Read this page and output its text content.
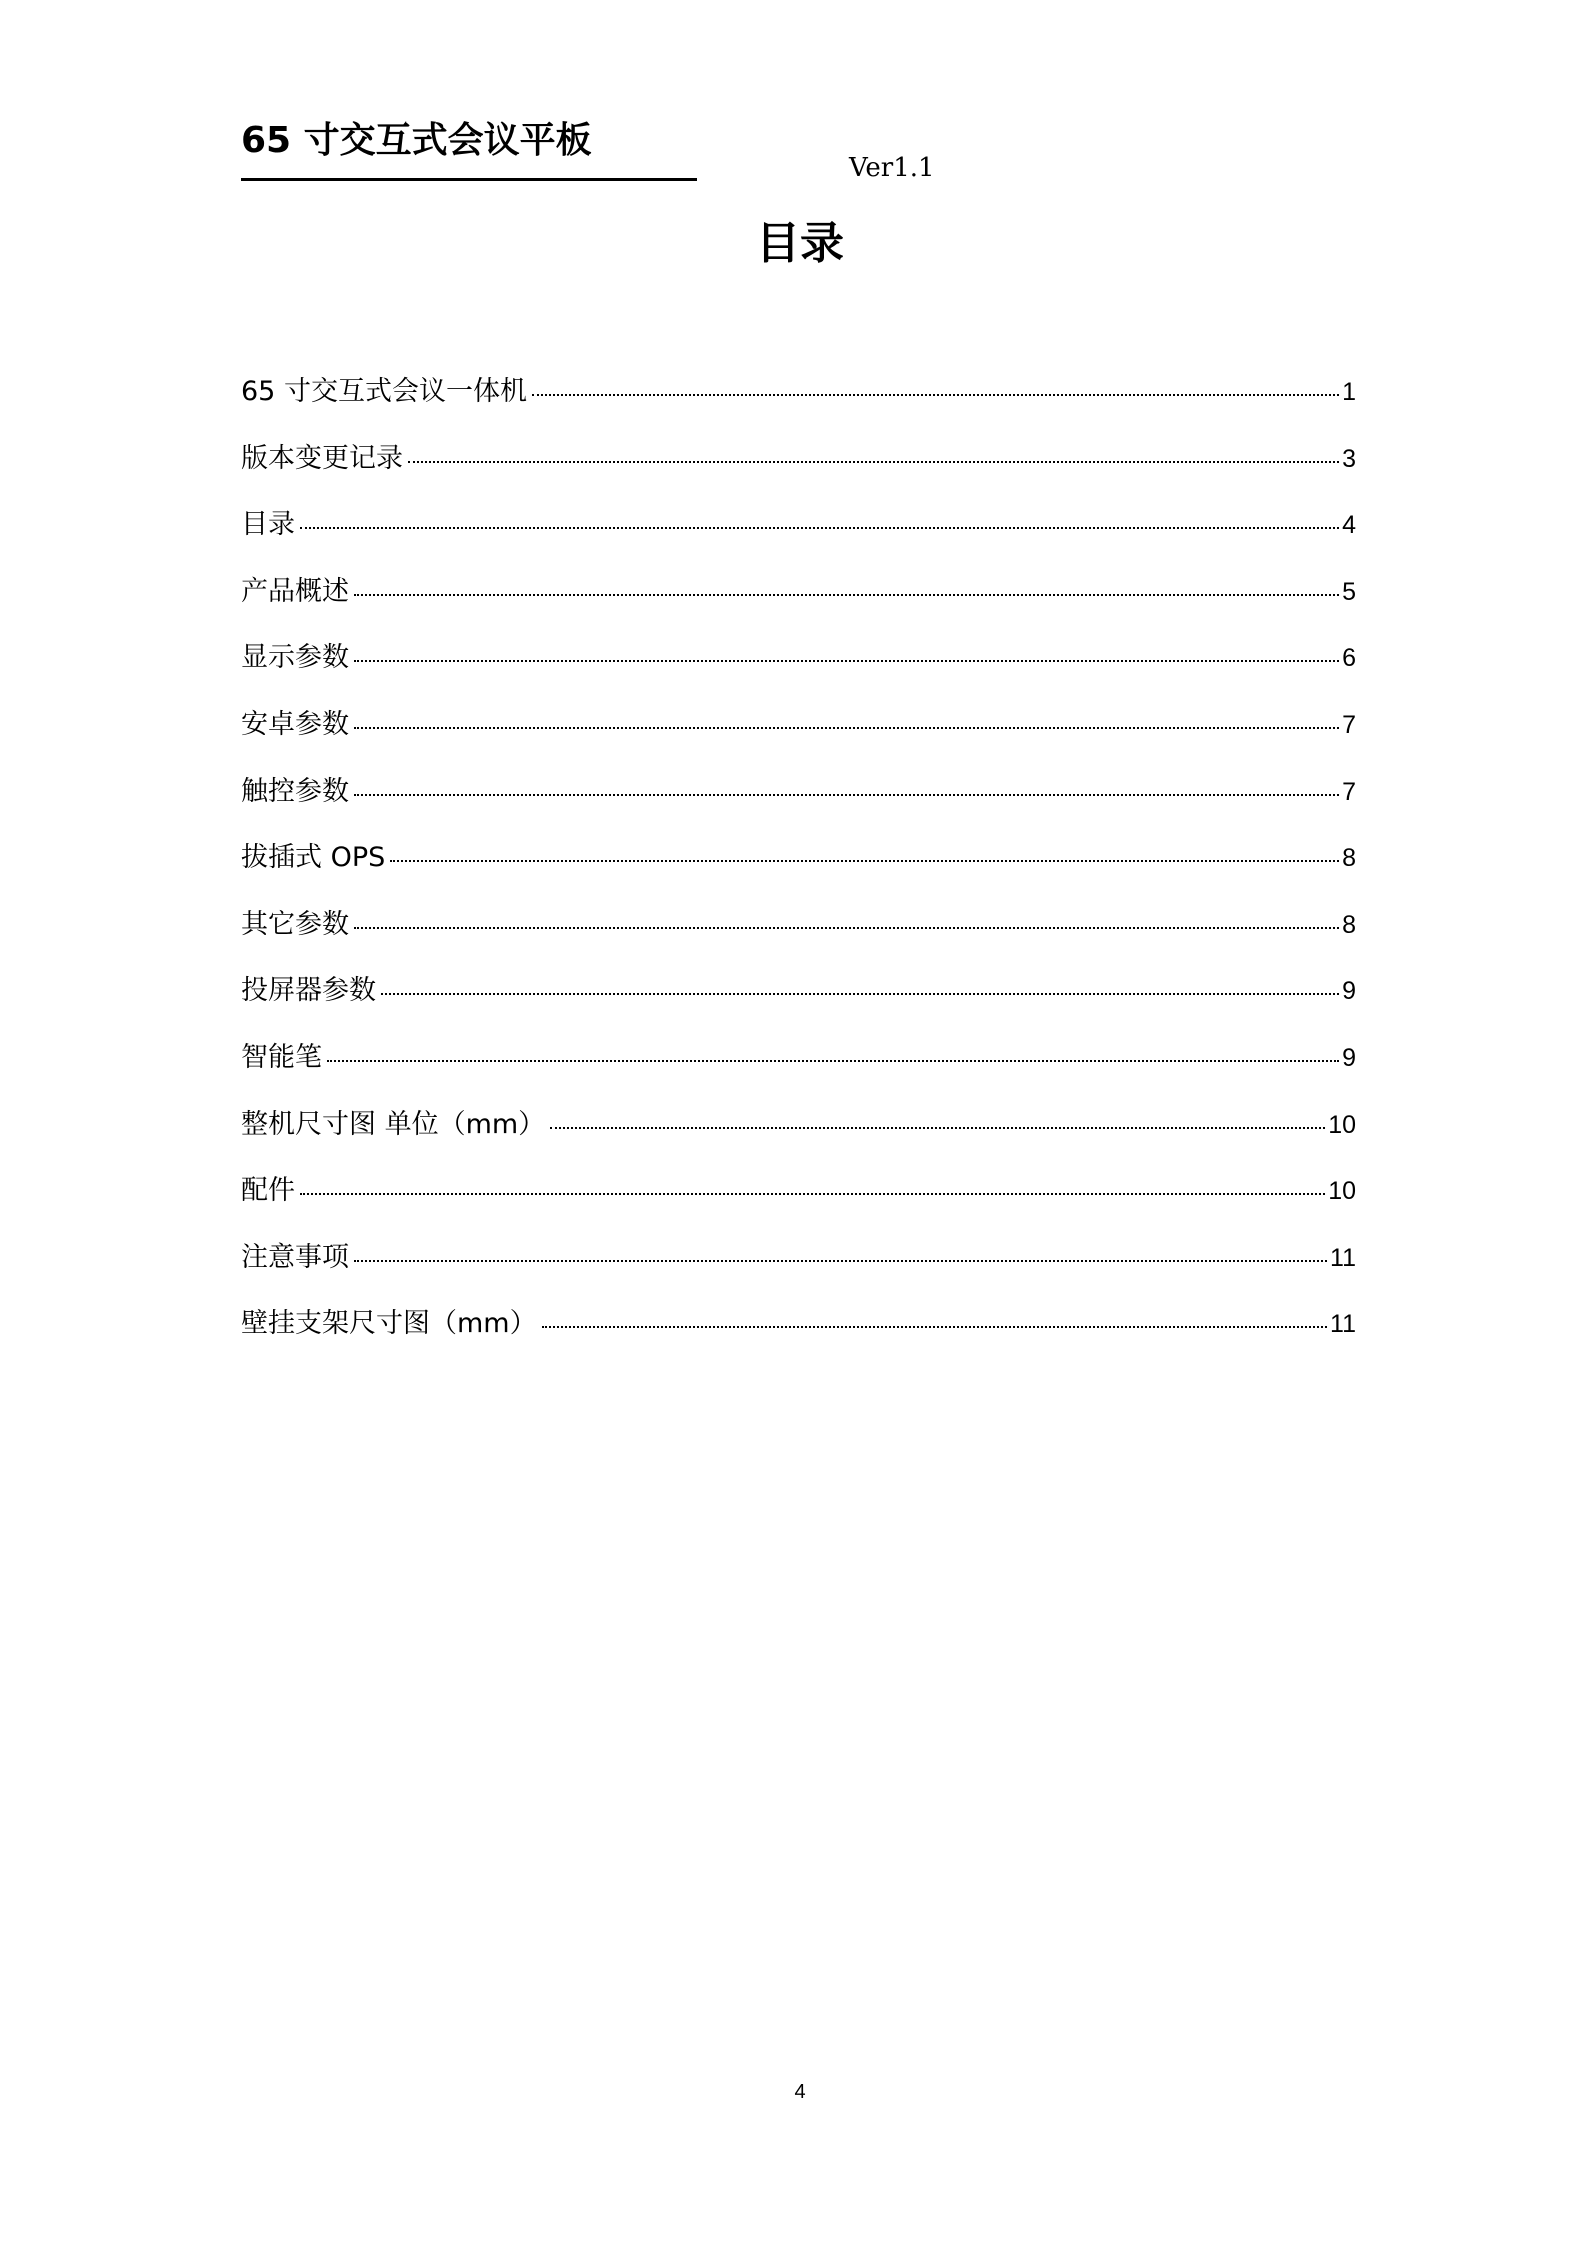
65 寸交互式会议平板
Ver1.1
目录
65 寸交互式会议一体机	1
版本变更记录	3
目录	4
产品概述	5
显示参数	6
安卓参数	7
触控参数	7
拔插式 OPS	8
其它参数	8
投屏器参数	9
智能笔	9
整机尺寸图 单位（mm）	10
配件	10
注意事项	11
壁挂支架尺寸图（mm）	11
4
